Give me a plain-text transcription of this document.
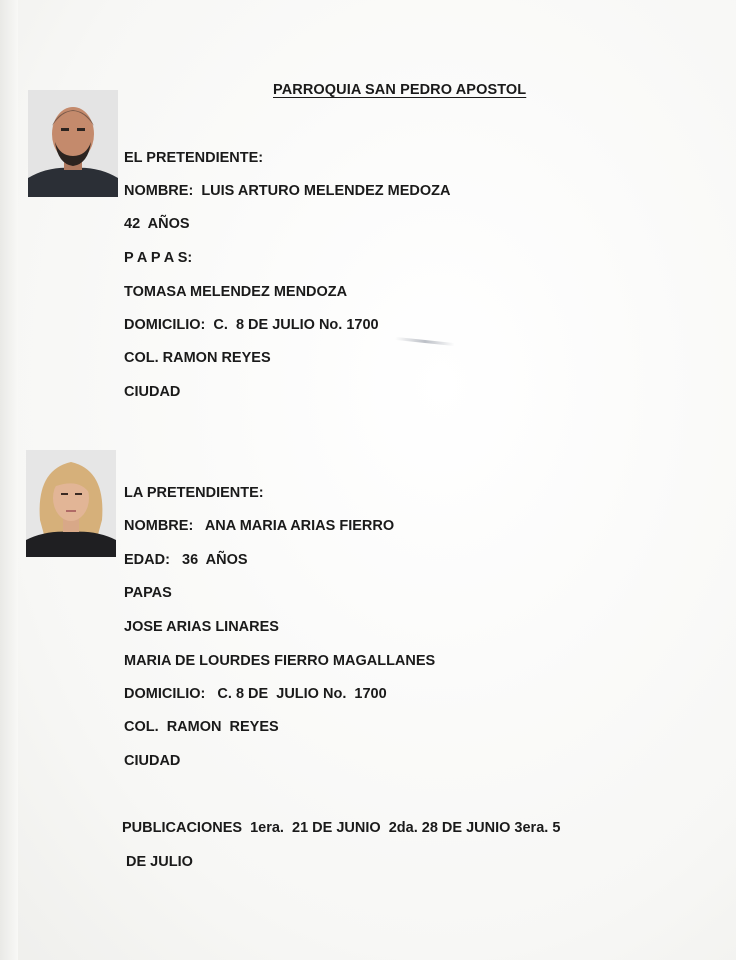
PARROQUIA SAN PEDRO APOSTOL
EL PRETENDIENTE:
NOMBRE:  LUIS ARTURO MELENDEZ MEDOZA
42  AÑOS
P A P A S:
TOMASA MELENDEZ MENDOZA
DOMICILIO:  C.  8 DE JULIO No. 1700
COL. RAMON REYES
CIUDAD
LA PRETENDIENTE:
NOMBRE:   ANA MARIA ARIAS FIERRO
EDAD:   36  AÑOS
PAPAS
JOSE ARIAS LINARES
MARIA DE LOURDES FIERRO MAGALLANES
DOMICILIO:   C. 8 DE  JULIO No.  1700
COL.  RAMON  REYES
CIUDAD
PUBLICACIONES  1era.  21 DE JUNIO  2da. 28 DE JUNIO 3era. 5
DE JULIO
